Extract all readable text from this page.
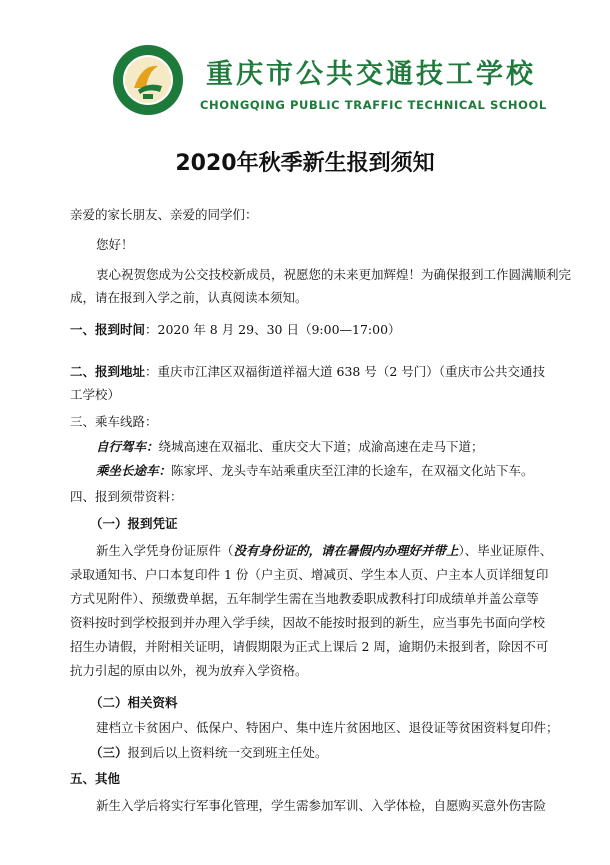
重庆市公共交通技工学校
CHONGQING PUBLIC TRAFFIC TECHNICAL SCHOOL
2020年秋季新生报到须知
亲爱的家长朋友、亲爱的同学们：
您好！
衷心祝贺您成为公交技校新成员，祝愿您的未来更加辉煌！为确保报到工作圆满顺利完
成，请在报到入学之前，认真阅读本须知。
一、报到时间：2020 年 8 月 29、30 日（9:00—17:00）
二、报到地址：重庆市江津区双福街道祥福大道 638 号（2 号门）（重庆市公共交通技
工学校）
三、乘车线路：
自行驾车：绕城高速在双福北、重庆交大下道；成渝高速在走马下道；
乘坐长途车：陈家坪、龙头寺车站乘重庆至江津的长途车，在双福文化站下车。
四、报到须带资料：
（一）报到凭证
新生入学凭身份证原件（没有身份证的，请在暑假内办理好并带上）、毕业证原件、
录取通知书、户口本复印件 1 份（户主页、增减页、学生本人页、户主本人页详细复印
方式见附件）、预缴费单据，五年制学生需在当地教委职成教科打印成绩单并盖公章等
资料按时到学校报到并办理入学手续，因故不能按时报到的新生，应当事先书面向学校
招生办请假，并附相关证明，请假期限为正式上课后 2 周，逾期仍未报到者，除因不可
抗力引起的原由以外，视为放弃入学资格。
（二）相关资料
建档立卡贫困户、低保户、特困户、集中连片贫困地区、退役证等贫困资料复印件；
（三）报到后以上资料统一交到班主任处。
五、其他
新生入学后将实行军事化管理，学生需参加军训、入学体检，自愿购买意外伤害险
